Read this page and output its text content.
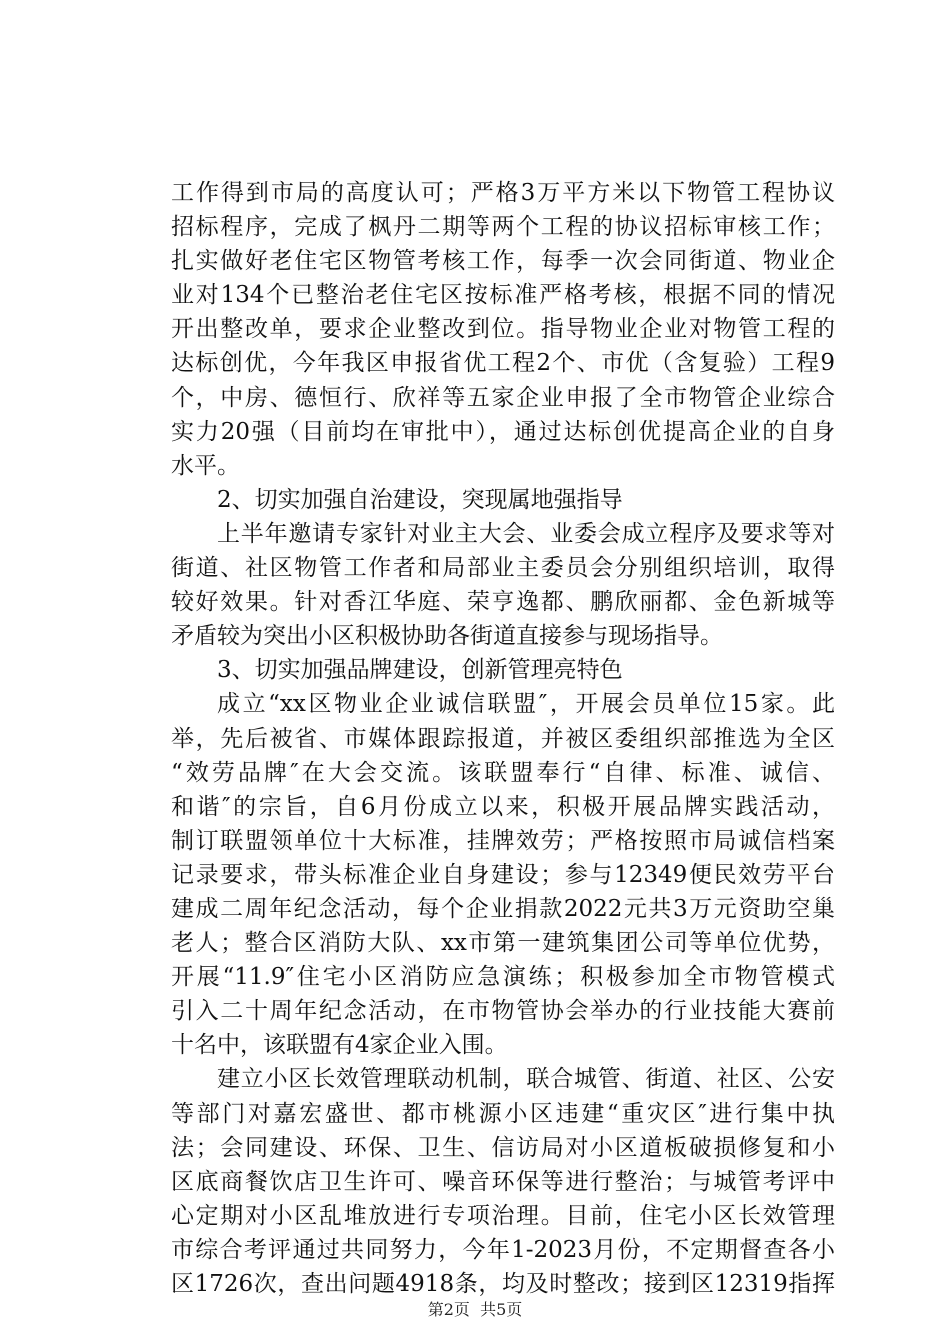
工作得到市局的高度认可；严格3万平方米以下物管工程协议
招标程序，完成了枫丹二期等两个工程的协议招标审核工作；
扎实做好老住宅区物管考核工作，每季一次会同街道、物业企
业对134个已整治老住宅区按标准严格考核，根据不同的情况
开出整改单，要求企业整改到位。指导物业企业对物管工程的
达标创优，今年我区申报省优工程2个、市优（含复验）工程9
个，中房、德恒行、欣祥等五家企业申报了全市物管企业综合
实力20强（目前均在审批中），通过达标创优提高企业的自身
水平。
2、切实加强自治建设，突现属地强指导
上半年邀请专家针对业主大会、业委会成立程序及要求等对
街道、社区物管工作者和局部业主委员会分别组织培训，取得
较好效果。针对香江华庭、荣亨逸都、鹏欣丽都、金色新城等
矛盾较为突出小区积极协助各街道直接参与现场指导。
3、切实加强品牌建设，创新管理亮特色
成立“xx区物业企业诚信联盟″，开展会员单位15家。此
举，先后被省、市媒体跟踪报道，并被区委组织部推选为全区
“效劳品牌″在大会交流。该联盟奉行“自律、标准、诚信、
和谐″的宗旨，自6月份成立以来，积极开展品牌实践活动，
制订联盟领单位十大标准，挂牌效劳；严格按照市局诚信档案
记录要求，带头标准企业自身建设；参与12349便民效劳平台
建成二周年纪念活动，每个企业捐款2022元共3万元资助空巢
老人；整合区消防大队、xx市第一建筑集团公司等单位优势，
开展“11.9″住宅小区消防应急演练；积极参加全市物管模式
引入二十周年纪念活动，在市物管协会举办的行业技能大赛前
十名中，该联盟有4家企业入围。
建立小区长效管理联动机制，联合城管、街道、社区、公安
等部门对嘉宏盛世、都市桃源小区违建“重灾区″进行集中执
法；会同建设、环保、卫生、信访局对小区道板破损修复和小
区底商餐饮店卫生许可、噪音环保等进行整治；与城管考评中
心定期对小区乱堆放进行专项治理。目前，住宅小区长效管理
市综合考评通过共同努力，今年1-2023月份，不定期督查各小
区1726次，查出问题4918条，均及时整改；接到区12319指挥
第2页  共5页
